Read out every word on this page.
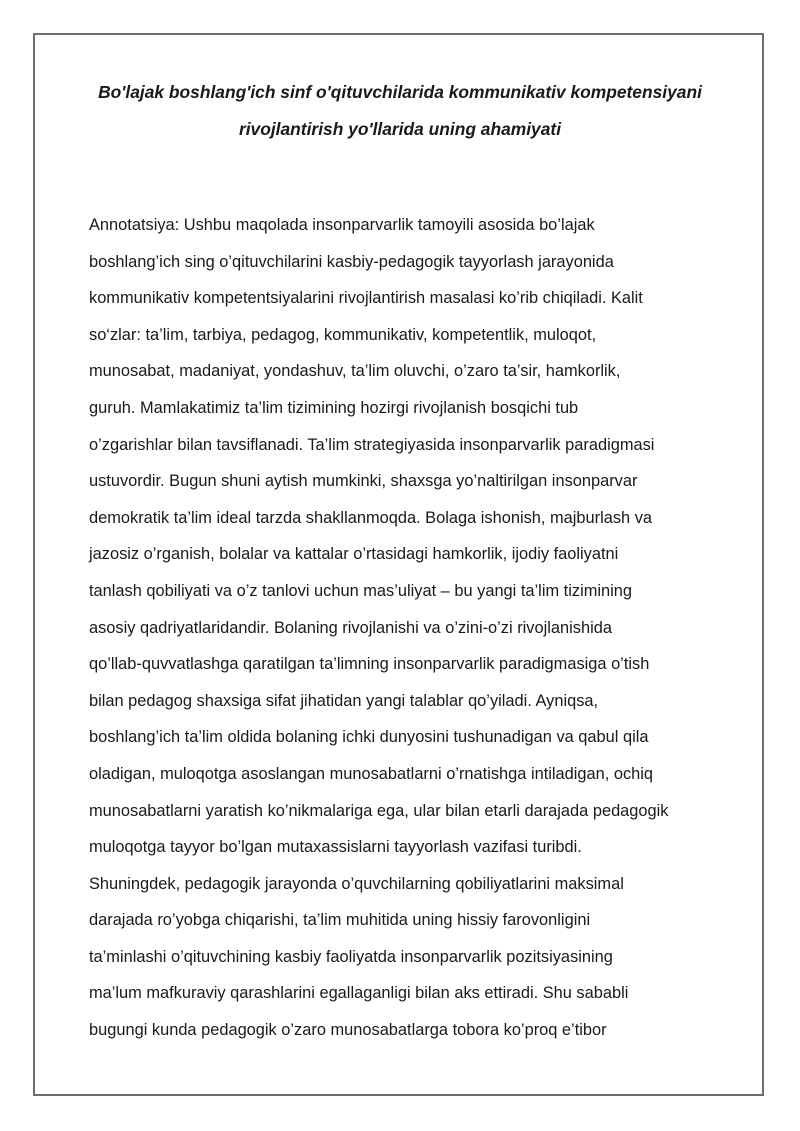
Bo'lajak boshlang'ich sinf o'qituvchilarida kommunikativ kompetensiyani
rivojlantirish yo'llarida uning ahamiyati
Annotatsiya: Ushbu maqolada insonparvarlik tamoyili asosida bo’lajak
boshlang’ich sing o’qituvchilarini kasbiy-pedagogik tayyorlash jarayonida
kommunikativ kompetentsiyalarini rivojlantirish masalasi ko’rib chiqiladi. Kalit
so‘zlar: ta’lim, tarbiya, pedagog, kommunikativ, kompetentlik, muloqot,
munosabat, madaniyat, yondashuv, ta’lim oluvchi, o’zaro ta’sir, hamkorlik,
guruh. Mamlakatimiz ta’lim tizimining hozirgi rivojlanish bosqichi tub
o’zgarishlar bilan tavsiflanadi. Ta’lim strategiyasida insonparvarlik paradigmasi
ustuvordir. Bugun shuni aytish mumkinki, shaxsga yo’naltirilgan insonparvar
demokratik ta’lim ideal tarzda shakllanmoqda. Bolaga ishonish, majburlash va
jazosiz o’rganish, bolalar va kattalar o’rtasidagi hamkorlik, ijodiy faoliyatni
tanlash qobiliyati va o’z tanlovi uchun mas’uliyat – bu yangi ta’lim tizimining
asosiy qadriyatlaridandir. Bolaning rivojlanishi va o’zini-o’zi rivojlanishida
qo’llab-quvvatlashga qaratilgan ta’limning insonparvarlik paradigmasiga o’tish
bilan pedagog shaxsiga sifat jihatidan yangi talablar qo’yiladi. Ayniqsa,
boshlang’ich ta’lim oldida bolaning ichki dunyosini tushunadigan va qabul qila
oladigan, muloqotga asoslangan munosabatlarni o’rnatishga intiladigan, ochiq
munosabatlarni yaratish ko’nikmalariga ega, ular bilan etarli darajada pedagogik
muloqotga tayyor bo’lgan mutaxassislarni tayyorlash vazifasi turibdi.
Shuningdek, pedagogik jarayonda o’quvchilarning qobiliyatlarini maksimal
darajada ro’yobga chiqarishi, ta’lim muhitida uning hissiy farovonligini
ta’minlashi o’qituvchining kasbiy faoliyatda insonparvarlik pozitsiyasining
ma’lum mafkuraviy qarashlarini egallaganligi bilan aks ettiradi. Shu sababli
bugungi kunda pedagogik o’zaro munosabatlarga tobora ko’proq e’tibor
